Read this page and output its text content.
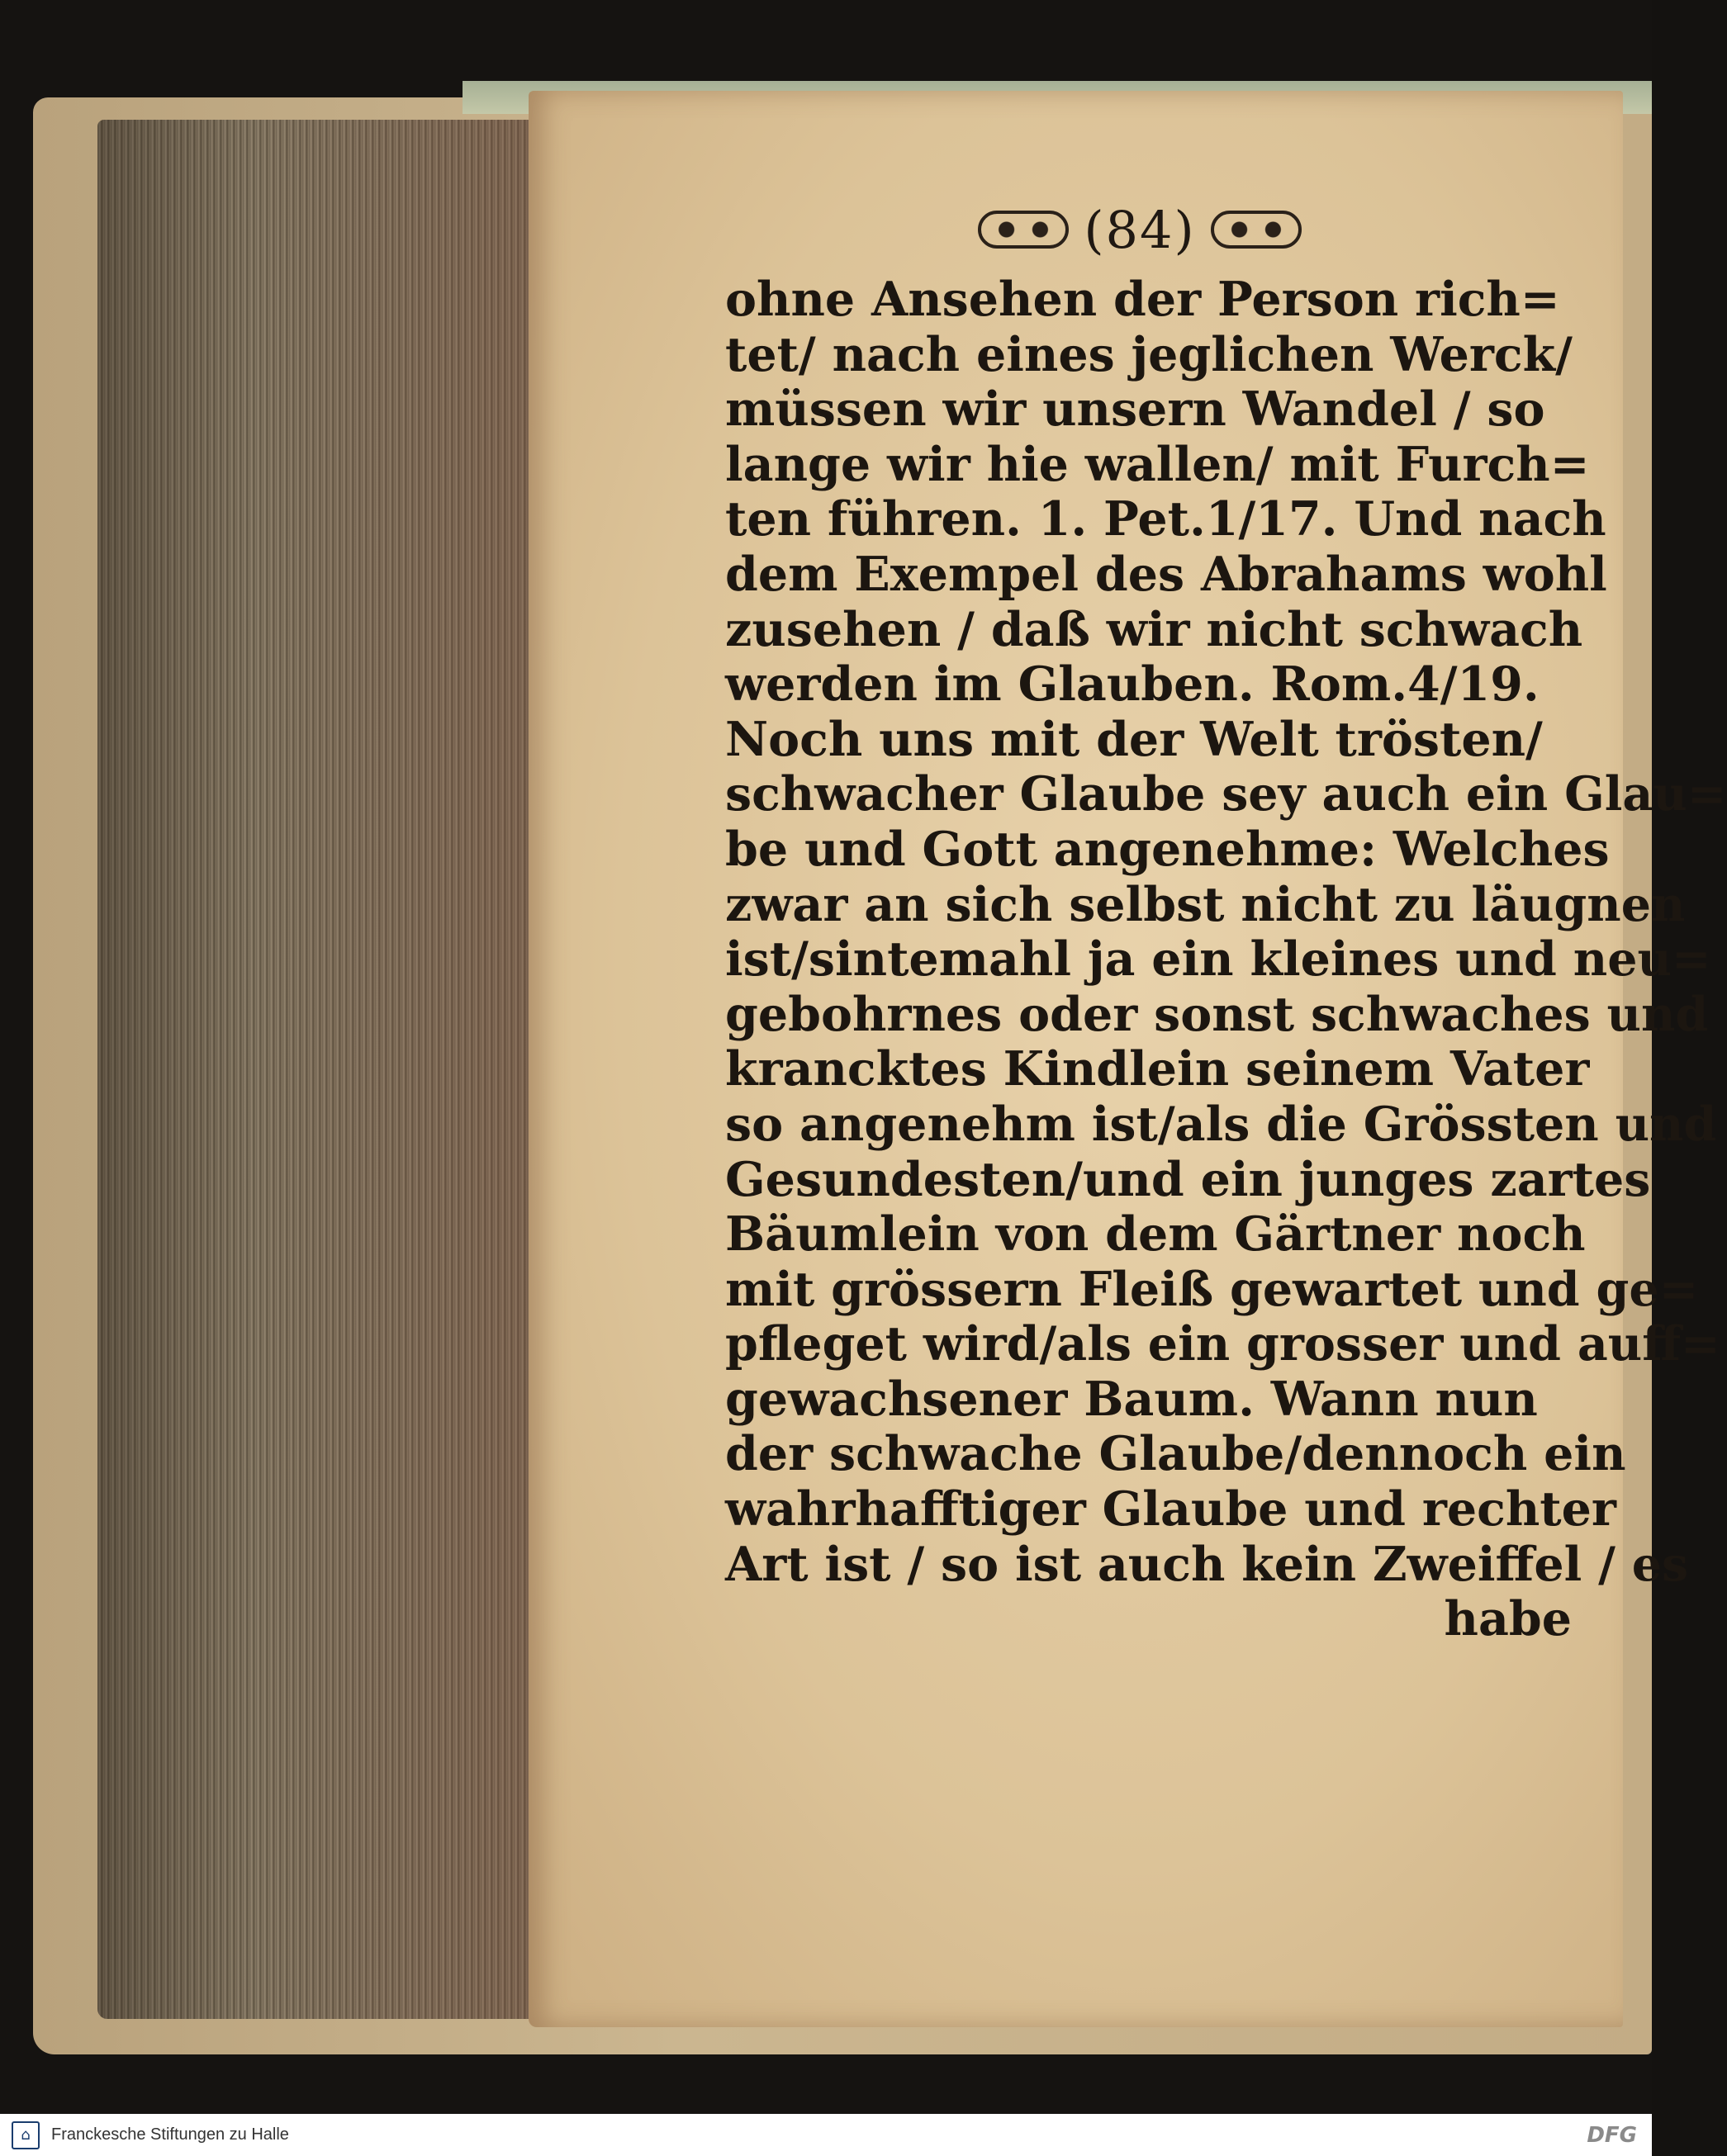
(84)
ohne Ansehen der Person rich=
tet/ nach eines jeglichen Werck/
müssen wir unsern Wandel / so
lange wir hie wallen/ mit Furch=
ten führen. 1. Pet.1/17. Und nach
dem Exempel des Abrahams wohl
zusehen / daß wir nicht schwach
werden im Glauben. Rom.4/19.
Noch uns mit der Welt trösten/
schwacher Glaube sey auch ein Glau=
be und Gott angenehme: Welches
zwar an sich selbst nicht zu läugnen
ist/sintemahl ja ein kleines und neu=
gebohrnes oder sonst schwaches und
krancktes Kindlein seinem Vater
so angenehm ist/als die Grössten und
Gesundesten/und ein junges zartes
Bäumlein von dem Gärtner noch
mit grössern Fleiß gewartet und ge=
pfleget wird/als ein grosser und auff=
gewachsener Baum. Wann nun
der schwache Glaube/dennoch ein
wahrhafftiger Glaube und rechter
Art ist / so ist auch kein Zweiffel / es
habe
⌂	Franckesche Stiftungen zu Halle	DFG
